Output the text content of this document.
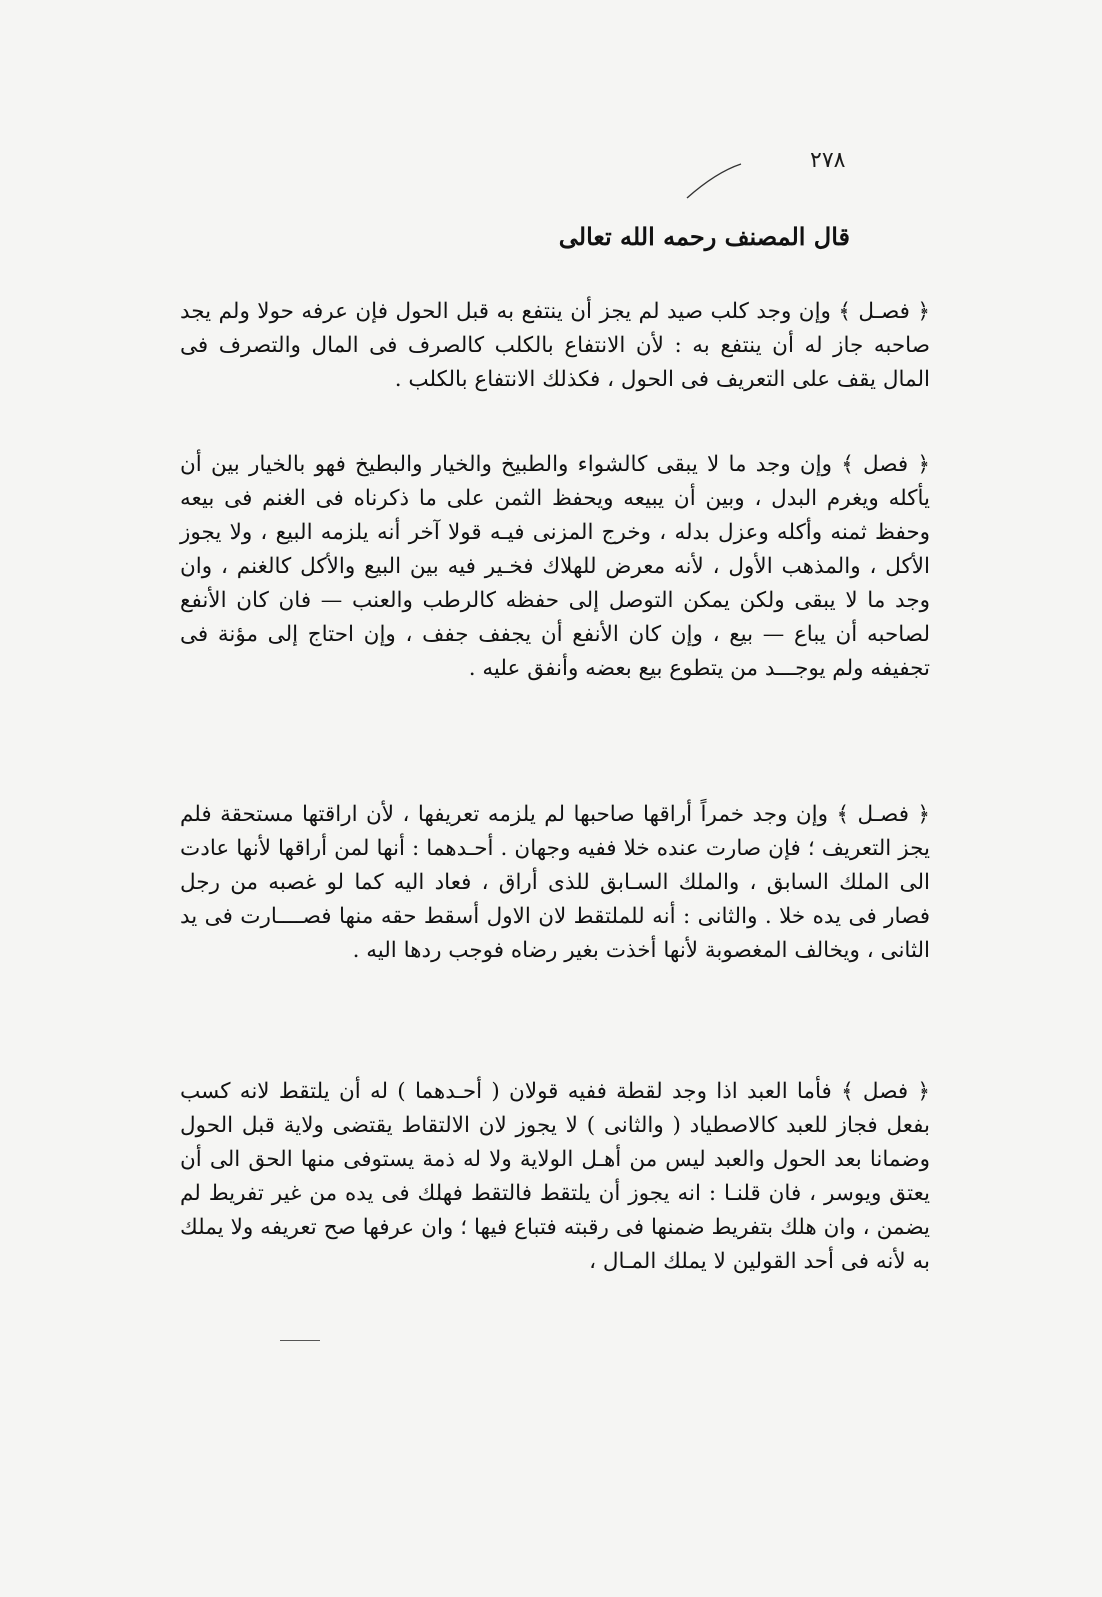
٢٧٨
قال المصنف رحمه الله تعالى

﴿ فصـل ﴾ وإن وجد كلب صيد لم يجز أن ينتفع به قبل الحول فإن عرفه حولا ولم يجد صاحبه جاز له أن ينتفع به : لأن الانتفاع بالكلب كالصرف فى المال والتصرف فى المال يقف على التعريف فى الحول ، فكذلك الانتفاع بالكلب .

﴿ فصل ﴾ وإن وجد ما لا يبقى كالشواء والطبيخ والخيار والبطيخ فهو بالخيار بين أن يأكله ويغرم البدل ، وبين أن يبيعه ويحفظ الثمن على ما ذكرناه فى الغنم فى بيعه وحفظ ثمنه وأكله وعزل بدله ، وخرج المزنى فيـه قولا آخر أنه يلزمه البيع ، ولا يجوز الأكل ، والمذهب الأول ، لأنه معرض للهلاك فخـير فيه بين البيع والأكل كالغنم ، وان وجد ما لا يبقى ولكن يمكن التوصل إلى حفظه كالرطب والعنب — فان كان الأنفع لصاحبه أن يباع — بيع ، وإن كان الأنفع أن يجفف جفف ، وإن احتاج إلى مؤنة فى تجفيفه ولم يوجـــد من يتطوع بيع بعضه وأنفق عليه .

﴿ فصـل ﴾ وإن وجد خمراً أراقها صاحبها لم يلزمه تعريفها ، لأن اراقتها مستحقة فلم يجز التعريف ؛ فإن صارت عنده خلا ففيه وجهان . أحـدهما : أنها لمن أراقها لأنها عادت الى الملك السابق ، والملك السـابق للذى أراق ، فعاد اليه كما لو غصبه من رجل فصار فى يده خلا . والثانى : أنه للملتقط لان الاول أسقط حقه منها فصــــارت فى يد الثانى ، ويخالف المغصوبة لأنها أخذت بغير رضاه فوجب ردها اليه .

﴿ فصل ﴾ فأما العبد اذا وجد لقطة ففيه قولان ( أحـدهما ) له أن يلتقط لانه كسب بفعل فجاز للعبد كالاصطياد ( والثانى ) لا يجوز لان الالتقاط يقتضى ولاية قبل الحول وضمانا بعد الحول والعبد ليس من أهـل الولاية ولا له ذمة يستوفى منها الحق الى أن يعتق ويوسر ، فان قلنـا : انه يجوز أن يلتقط فالتقط فهلك فى يده من غير تفريط لم يضمن ، وان هلك بتفريط ضمنها فى رقبته فتباع فيها ؛ وان عرفها صح تعريفه ولا يملك به لأنه فى أحد القولين لا يملك المـال ،
